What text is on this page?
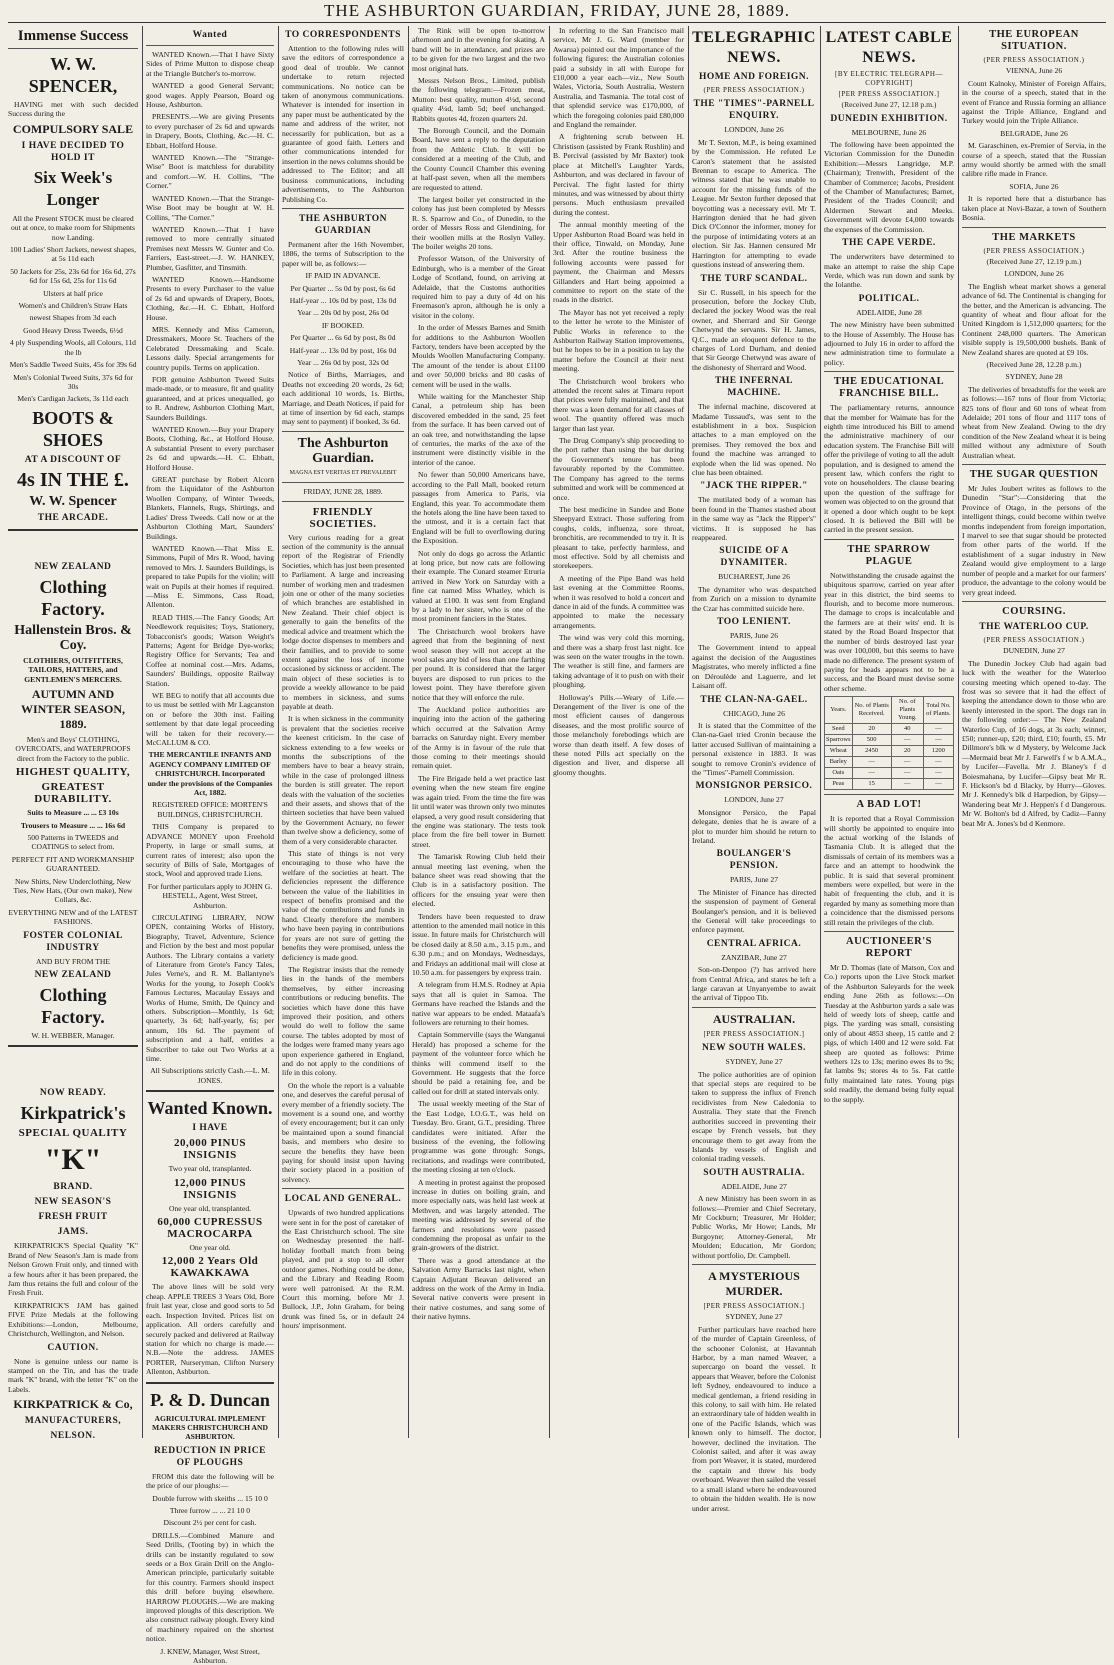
THE ASHBURTON GUARDIAN, FRIDAY, JUNE 28, 1889.
Immense Success
W. W. SPENCER,

HAVING met with such decided Success during the

COMPULSORY SALE
I HAVE DECIDED TO HOLD IT
Six Week's Longer

All the Present STOCK must be cleared out at once, to make room for Shipments now Landing.

100 Ladies' Short Jackets, newest shapes, at 5s 11d each

50 Jackets for 25s, 23s 6d for 16s 6d, 27s 6d for 15s 6d, 25s for 11s 6d

Ulsters at half price

Women's and Children's Straw Hats

newest Shapes from 3d each

Good Heavy Dress Tweeds, 6½d

4 ply Suspending Wools, all Colours, 11d the lb

Men's Saddle Tweed Suits, 45s for 39s 6d

Men's Colonial Tweed Suits, 37s 6d for 30s

Men's Cardigan Jackets, 3s 11d each

BOOTS & SHOES
AT A DISCOUNT OF
4s IN THE £.
W. W. Spencer
THE ARCADE.
NEW ZEALAND
Clothing Factory.
Hallenstein Bros. & Coy.

CLOTHIERS, OUTFITTERS, TAILORS, HATTERS, and GENTLEMEN'S MERCERS.

AUTUMN AND WINTER SEASON, 1889.

Men's and Boys' CLOTHING, OVERCOATS, and WATERPROOFS direct from the Factory to the public.

HIGHEST QUALITY,
GREATEST DURABILITY.

Suits to Measure ... ... £3 10s

Trousers to Measure ... ... 16s 6d

500 Patterns in TWEEDS and COATINGS to select from.

PERFECT FIT AND WORKMANSHIP GUARANTEED.

New Shirts, New Underclothing, New Ties, New Hats, (Our own make), New Collars, &c.

EVERYTHING NEW and of the LATEST FASHIONS.

FOSTER COLONIAL INDUSTRY

AND BUY FROM THE

NEW ZEALAND
Clothing Factory.

W. H. WEBBER, Manager.

NOW READY.
Kirkpatrick's
SPECIAL QUALITY
"K"
BRAND.
NEW SEASON'S
FRESH FRUIT
JAMS.

KIRKPATRICK'S Special Quality "K" Brand of New Season's Jam is made from Nelson Grown Fruit only, and tinned with a few hours after it has been prepared, the Jam thus retains the full and colour of the Fresh Fruit.

KIRKPATRICK'S JAM has gained FIVE Prize Medals at the following Exhibitions:—London, Melbourne, Christchurch, Wellington, and Nelson.

CAUTION.

None is genuine unless our name is stamped on the Tin, and has the trade mark "K" brand, with the letter "K" on the Labels.

KIRKPATRICK & Co,
MANUFACTURERS,
NELSON.
Wanted

WANTED Known.—That I have Sixty Sides of Prime Mutton to dispose cheap at the Triangle Butcher's to-morrow.

WANTED a good General Servant; good wages. Apply Pearson, Board og House, Ashburton.

PRESENTS.—We are giving Presents to every purchaser of 2s 6d and upwards in Drapery, Boots, Clothing, &c.—H. C. Ebbatt, Holford House.

WANTED Known.—The "Strange-Wise" Boot is matchless for durability and comfort.—W. H. Collins, "The Corner."

WANTED Known.—That the Strange-Wise Boot may be bought at W. H. Collins, "The Corner."

WANTED Known.—That I have removed to more centrally situated Premises next Messrs W. Gunter and Co. Farriers, East-street.—J. W. HANKEY, Plumber, Gasfitter, and Tinsmith.

WANTED Known.—Handsome Presents to every Purchaser to the value of 2s 6d and upwards of Drapery, Boots, Clothing, &c.—H. C. Ebbatt, Holford House.

MRS. Kennedy and Miss Cameron, Dressmakers, Moore St. Teachers of the Celebrated Dressmaking and Scale. Lessons daily. Special arrangements for country pupils. Terms on application.

FOR genuine Ashburton Tweed Suits made-made, or to measure, fit and quality guaranteed, and at prices unequalled, go to R. Andrew, Ashburton Clothing Mart, Saunders Buildings.

WANTED Known.—Buy your Drapery Boots, Clothing, &c., at Holford House. A substantial Present to every purchaser 2s 6d and upwards.—H. C. Ebbatt, Holford House.

GREAT purchase by Robert Alcorn from the Liquidator of the Ashburton Woollen Company, of Winter Tweeds, Blankets, Flannels, Rugs, Shirtings, and Ladies' Dress Tweeds. Call now or at the Ashburton Clothing Mart, Saunders' Buildings.

WANTED Known.—That Miss E. Simmons, Pupil of Mrs R. Wood, having removed to Mrs. J. Saunders Buildings, is prepared to take Pupils for the violin; will wait on Pupils at their homes if required.—Miss E. Simmons, Cass Road, Allenton.

READ THIS.—The Fancy Goods; Art Needlework requisites; Toys, Stationery, Tobacconist's goods; Watson Weight's Patterns; Agent for Bridge Dye-works; Registry Office for Servants; Tea and Coffee at nominal cost.—Mrs. Adams, Saunders' Buildings, opposite Railway Station.

WE BEG to notify that all accounts due to us must be settled with Mr Lagcanston on or before the 30th inst. Failing settlement by that date legal proceeding will be taken for their recovery.—McCALLUM & CO.

THE MERCANTILE INFANTS AND AGENCY COMPANY LIMITED OF CHRISTCHURCH. Incorporated under the provisions of the Companies Act, 1882.

REGISTERED OFFICE: MORTEN'S BUILDINGS, CHRISTCHURCH.

THIS Company is prepared to ADVANCE MONEY upon Freehold Property, in large or small sums, at current rates of interest; also upon the security of Bills of Sale, Mortgages of stock, Wool and approved trade Liens.

For further particulars apply to JOHN G. HESTELL, Agent, West Street, Ashburton.

CIRCULATING LIBRARY, NOW OPEN, containing Works of History, Biography, Travel, Adventure, Science and Fiction by the best and most popular Authors. The Library contains a variety of Literature from Grote's Fancy Tales, Jules Verne's, and R. M. Ballantyne's Works for the young, to Joseph Cook's Famous Lectures, Macaulay Essays and Works of Hume, Smith, De Quincy and others. Subscription—Monthly, 1s 6d; quarterly, 3s 6d; half-yearly, 6s; per annum, 10s 6d. The payment of subscription and a half, entitles a Subscriber to take out Two Works at a time.

All Subscriptions strictly Cash.—L. M. JONES.

Wanted Known.
I HAVE
20,000 PINUS INSIGNIS

Two year old, transplanted.

12,000 PINUS INSIGNIS

One year old, transplanted.

60,000 CUPRESSUS MACROCARPA

One year old.

12,000 2 Years Old KAWAKKAWA

The above lines will be sold very cheap. APPLE TREES 3 Years Old, Bore fruit last year, close and good sorts to 5d each. Inspection Invited. Prices list on application. All orders carefully and securely packed and delivered at Railway station for which no charge is made.—N.B.—Note the address. JAMES PORTER, Nurseryman, Clifton Nursery Allenton, Ashburton.

P. & D. Duncan

AGRICULTURAL IMPLEMENT MAKERS CHRISTCHURCH AND ASHBURTON.

REDUCTION IN PRICE OF PLOUGHS

FROM this date the following will be the price of our ploughs:—

Double furrow with skeiths ... 15 10 0

Three furrow ... ... 21 10 0

Discount 2½ per cent for cash.

DRILLS.—Combined Manure and Seed Drills, (Tooting by) in which the drills can be instantly regulated to sow seeds or a Box Grain Drill on the Anglo-American principle, particularly suitable for this country. Farmers should inspect this drill before buying elsewhere. HARROW PLOUGHS.—We are making improved ploughs of this description. We also construct railway plough. Every kind of machinery repaired on the shortest notice.

J. KNEW, Manager, West Street, Ashburton.

TO CORRESPONDENTS

Attention to the following rules will save the editors of correspondence a good deal of trouble. We cannot undertake to return rejected communications. No notice can be taken of anonymous communications. Whatever is intended for insertion in any paper must be authenticated by the name and address of the writer, not necessarily for publication, but as a guarantee of good faith. Letters and other communications intended for insertion in the news columns should be addressed to The Editor; and all business communications, including advertisements, to The Ashburton Publishing Co.

THE ASHBURTON GUARDIAN

Permanent after the 16th November, 1886, the terms of Subscription to the paper will be, as follows:—

IF PAID IN ADVANCE.

Per Quarter ... 5s 0d by post, 6s 6d

Half-year ... 10s 0d by post, 13s 0d

Year ... 20s 0d by post, 26s 0d

IF BOOKED.

Per Quarter ... 6s 6d by post, 8s 0d

Half-year ... 13s 0d by post, 16s 0d

Year ... 26s 0d by post, 32s 0d

Notice of Births, Marriages, and Deaths not exceeding 20 words, 2s 6d; each additional 10 words, 1s. Births, Marriage, and Death Notices, if paid for at time of insertion by 6d each, stamps may sent to payment) if booked, 3s 6d.

The Ashburton Guardian.

MAGNA EST VERITAS ET PREVALEBIT

FRIDAY, JUNE 28, 1889.

FRIENDLY SOCIETIES.

Very curious reading for a great section of the community is the annual report of the Registrar of Friendly Societies, which has just been presented to Parliament. A large and increasing number of working men and tradesmen join one or other of the many societies of which branches are established in New Zealand. Their chief object is generally to gain the benefits of the medical advice and treatment which the lodge doctor dispenses to members and their families, and to provide to some extent against the loss of income occasioned by sickness or accident. The main object of these societies is to provide a weekly allowance to be paid to members in sickness, and sums payable at death.

It is when sickness in the community is prevalent that the societies receive the keenest criticism. In the case of sickness extending to a few weeks or months the subscriptions of the members have to bear a heavy strain, while in the case of prolonged illness the burden is still greater. The report deals with the valuation of the societies and their assets, and shows that of the thirteen societies that have been valued by the Government Actuary, no fewer than twelve show a deficiency, some of them of a very considerable character.

This state of things is not very encouraging to those who have the welfare of the societies at heart. The deficiencies represent the difference between the value of the liabilities in respect of benefits promised and the value of the contributions and funds in hand. Clearly therefore the members who have been paying in contributions for years are not sure of getting the benefits they were promised, unless the deficiency is made good.

The Registrar insists that the remedy lies in the hands of the members themselves, by either increasing contributions or reducing benefits. The societies which have done this have improved their position, and others would do well to follow the same course. The tables adopted by most of the lodges were framed many years ago upon experience gathered in England, and do not apply to the conditions of life in this colony.

On the whole the report is a valuable one, and deserves the careful perusal of every member of a friendly society. The movement is a sound one, and worthy of every encouragement; but it can only be maintained upon a sound financial basis, and members who desire to secure the benefits they have been paying for should insist upon having their society placed in a position of solvency.

LOCAL AND GENERAL.

Upwards of two hundred applications were sent in for the post of caretaker of the East Christchurch school. The site on Wednesday presented the half-holiday football match from being played, and put a stop to all other outdoor games. Nothing could be done, and the Library and Reading Room were well patronised. At the R.M. Court this morning, before Mr J. Bullock, J.P., John Graham, for being drunk was fined 5s, or in default 24 hours' imprisonment.

The Rink will be open to-morrow afternoon and in the evening for skating. A band will be in attendance, and prizes are to be given for the two largest and the two most original hats.

Messrs Nelson Bros., Limited, publish the following telegram:—Frozen meat, Mutton: best quality, mutton 4½d, second quality 4¼d, lamb 5d; beef unchanged. Rabbits quotes 4d, frozen quarters 2d.

The Borough Council, and the Domain Board, have sent a reply to the deputation from the Athletic Club. It will be considered at a meeting of the Club, and the County Council Chamber this evening at half-past seven, when all the members are requested to attend.

The largest boiler yet constructed in the colony has just been completed by Messrs R. S. Sparrow and Co., of Dunedin, to the order of Messrs Ross and Glendining, for their woollen mills at the Roslyn Valley. The boiler weighs 20 tons.

Professor Watson, of the University of Edinburgh, who is a member of the Great Lodge of Scotland, found, on arriving at Adelaide, that the Customs authorities required him to pay a duty of 4d on his Freemason's apron, although he is only a visitor in the colony.

In the order of Messrs Barnes and Smith for additions to the Ashburton Woollen Factory, tenders have been accepted by the Moulds Woollen Manufacturing Company. The amount of the tender is about £1100 and over 50,000 bricks and 80 casks of cement will be used in the walls.

While waiting for the Manchester Ship Canal, a petroleum ship has been discovered embedded in the sand, 25 feet from the surface. It has been carved out of an oak tree, and notwithstanding the lapse of centuries, the marks of the axe of the instrument were distinctly visible in the interior of the canoe.

No fewer than 50,000 Americans have, according to the Pall Mall, booked return passages from America to Paris, via England, this year. To accommodate them the hotels along the line have been taxed to the utmost, and it is a certain fact that England will be full to overflowing during the Exposition.

Not only do dogs go across the Atlantic at long price, but now cats are following their example. The Cunard steamer Etruria arrived in New York on Saturday with a fine cat named Miss Whatley, which is valued at £100. It was sent from England by a lady to her sister, who is one of the most prominent fanciers in the States.

The Christchurch wool brokers have agreed that from the beginning of next wool season they will not accept at the wool sales any bid of less than one farthing per pound. It is considered that the larger buyers are disposed to run prices to the lowest point. They have therefore given notice that they will enforce the rule.

The Auckland police authorities are inquiring into the action of the gathering which occurred at the Salvation Army barracks on Saturday night. Every member of the Army is in favour of the rule that those coming to their meetings should remain quiet.

The Fire Brigade held a wet practice last evening when the new steam fire engine was again tried. From the time the fire was lit until water was thrown only two minutes elapsed, a very good result considering that the engine was stationary. The tests took place from the fire bell tower in Burnett street.

The Tamarisk Rowing Club held their annual meeting last evening, when the balance sheet was read showing that the Club is in a satisfactory position. The officers for the ensuing year were then elected.

Tenders have been requested to draw attention to the amended mail notice in this issue. In future mails for Christchurch will be closed daily at 8.50 a.m., 3.15 p.m., and 6.30 p.m.; and on Mondays, Wednesdays, and Fridays an additional mail will close at 10.50 a.m. for passengers by express train.

A telegram from H.M.S. Rodney at Apia says that all is quiet in Samoa. The Germans have reached the Islands and the native war appears to be ended. Mataafa's followers are returning to their homes.

Captain Sommerville (says the Wanganui Herald) has proposed a scheme for the payment of the volunteer force which he thinks will commend itself to the Government. He suggests that the force should be paid a retaining fee, and be called out for drill at stated intervals only.

The usual weekly meeting of the Star of the East Lodge, I.O.G.T., was held on Tuesday. Bro. Grant, G.T., presiding. Three candidates were initiated. After the business of the evening, the following programme was gone through: Songs, recitations, and readings were contributed, the meeting closing at ten o'clock.

A meeting in protest against the proposed increase in duties on boiling grain, and more especially oats, was held last week at Methven, and was largely attended. The meeting was addressed by several of the farmers and resolutions were passed condemning the proposal as unfair to the grain-growers of the district.

There was a good attendance at the Salvation Army Barracks last night, when Captain Adjutant Beavan delivered an address on the work of the Army in India. Several native converts were present in their native costumes, and sang some of their native hymns.

In referring to the San Francisco mail service, Mr J. G. Ward (member for Awarua) pointed out the importance of the following figures: the Australian colonies paid a subsidy in all with Europe for £10,000 a year each—viz., New South Wales, Victoria, South Australia, Western Australia, and Tasmania. The total cost of that splendid service was £170,000, of which the foregoing colonies paid £80,000 and England the remainder.

A frightening scrub between H. Christison (assisted by Frank Rushlin) and B. Percival (assisted by Mr Baxter) took place at Mitchell's Laughter Yards, Ashburton, and was declared in favour of Percival. The fight lasted for thirty minutes, and was witnessed by about thirty persons. Much enthusiasm prevailed during the contest.

The annual monthly meeting of the Upper Ashburton Road Board was held in their office, Tinwald, on Monday, June 3rd. After the routine business the following accounts were passed for payment, the Chairman and Messrs Gillanders and Hart being appointed a committee to report on the state of the roads in the district.

The Mayor has not yet received a reply to the letter he wrote to the Minister of Public Works in reference to the Ashburton Railway Station improvements, but he hopes to be in a position to lay the matter before the Council at their next meeting.

The Christchurch wool brokers who attended the recent sales at Timaru report that prices were fully maintained, and that there was a keen demand for all classes of wool. The quantity offered was much larger than last year.

The Drug Company's ship proceeding to the port rather than using the bar during the Government's tenure has been favourably reported by the Committee. The Company has agreed to the terms submitted and work will be commenced at once.

The best medicine in Sandee and Bone Sheepyard Extract. Those suffering from coughs, colds, influenza, sore throat, bronchitis, are recommended to try it. It is pleasant to take, perfectly harmless, and most effective. Sold by all chemists and storekeepers.

A meeting of the Pipe Band was held last evening at the Committee Rooms, when it was resolved to hold a concert and dance in aid of the funds. A committee was appointed to make the necessary arrangements.

The wind was very cold this morning, and there was a sharp frost last night. Ice was seen on the water troughs in the town. The weather is still fine, and farmers are taking advantage of it to push on with their ploughing.

Holloway's Pills.—Weary of Life.—Derangement of the liver is one of the most efficient causes of dangerous diseases, and the most prolific source of those melancholy forebodings which are worse than death itself. A few doses of these noted Pills act specially on the digestion and liver, and disperse all gloomy thoughts.

TELEGRAPHIC NEWS.
HOME AND FOREIGN.
(PER PRESS ASSOCIATION.)
THE "TIMES"-PARNELL ENQUIRY.

LONDON, June 26

Mr T. Sexton, M.P., is being examined by the Commission. He refuted Le Caron's statement that he assisted Brennan to escape to America. The witness stated that he was unable to account for the missing funds of the League. Mr Sexton further deposed that boycotting was a necessary evil. Mr T. Harrington denied that he had given Dick O'Connor the informer, money for the purpose of intimidating voters at an election. Sir Jas. Hannen censured Mr Harrington for attempting to evade questions instead of answering them.

THE TURF SCANDAL.

Sir C. Russell, in his speech for the prosecution, before the Jockey Club, declared the jockey Wood was the real owner, and Sherrard and Sir George Chetwynd the servants. Sir H. James, Q.C., made an eloquent defence to the charges of Lord Durham, and denied that Sir George Chetwynd was aware of the dishonesty of Sherrard and Wood.

THE INFERNAL MACHINE.

The infernal machine, discovered at Madame Tussaud's, was sent to the establishment in a box. Suspicion attaches to a man employed on the premises. They removed the box and found the machine was arranged to explode when the lid was opened. No clue has been obtained.

"JACK THE RIPPER."

The mutilated body of a woman has been found in the Thames stashed about in the same way as "Jack the Ripper's" victims. It is supposed he has reappeared.

SUICIDE OF A DYNAMITER.

BUCHAREST, June 26

The dynamiter who was despatched from Zurich on a mission to dynamite the Czar has committed suicide here.

TOO LENIENT.

PARIS, June 26

The Government intend to appeal against the decision of the Augustines Magistrates, who merely inflicted a fine on Déroulède and Laguerre, and let Laisant off.

THE CLAN-NA-GAEL.

CHICAGO, June 26

It is stated that the Committee of the Clan-na-Gael tried Cronin because the latter accused Sullivan of maintaining a personal existence in 1883. It was sought to remove Cronin's evidence of the "Times"-Parnell Commission.

MONSIGNOR PERSICO.

LONDON, June 27

Monsignor Persico, the Papal delegate, denies that he is aware of a plot to murder him should he return to Ireland.

BOULANGER'S PENSION.

PARIS, June 27

The Minister of Finance has directed the suspension of payment of General Boulanger's pension, and it is believed the General will take proceedings to enforce payment.

CENTRAL AFRICA.

ZANZIBAR, June 27

Son-on-Denpoo (?) has arrived here from Central Africa, and states he left a large caravan at Unyanyembe to await the arrival of Tippoo Tib.

AUSTRALIAN.
[PER PRESS ASSOCIATION.]
NEW SOUTH WALES.

SYDNEY, June 27

The police authorities are of opinion that special steps are required to be taken to suppress the influx of French recidivistes from New Caledonia to Australia. They state that the French authorities succeed in preventing their escape by French vessels, but they encourage them to get away from the Islands by vessels of English and colonial trading vessels.

SOUTH AUSTRALIA.

ADELAIDE, June 27

A new Ministry has been sworn in as follows:—Premier and Chief Secretary, Mr Cockburn; Treasurer, Mr Holder; Public Works, Mr Howe; Lands, Mr Burgoyne; Attorney-General, Mr Moulden; Education, Mr Gordon; without portfolio, Dr. Campbell.

A MYSTERIOUS MURDER.
[PER PRESS ASSOCIATION.]

SYDNEY, June 27

Further particulars have reached here of the murder of Captain Greenless, of the schooner Colonist, at Havannah Harbor, by a man named Weaver, a supercargo on board the vessel. It appears that Weaver, before the Colonist left Sydney, endeavoured to induce a medical gentleman, a friend residing in this colony, to sail with him. He related an extraordinary tale of hidden wealth in one of the Pacific Islands, which was known only to himself. The doctor, however, declined the invitation. The Colonist sailed, and after it was away from port Weaver, it is stated, murdered the captain and threw his body overboard. Weaver then sailed the vessel to a small island where he endeavoured to obtain the hidden wealth. He is now under arrest.

LATEST CABLE NEWS.
[BY ELECTRIC TELEGRAPH—COPYRIGHT]
[PER PRESS ASSOCIATION.]

(Received June 27, 12.18 p.m.)

DUNEDIN EXHIBITION.

MELBOURNE, June 26

The following have been appointed the Victorian Commission for the Dunedin Exhibition:—Messrs Langridge, M.P. (Chairman); Trenwith, President of the Chamber of Commerce; Jacobs, President of the Chamber of Manufactures; Barnet, President of the Trades Council; and Aldermen Stewart and Meeks. Government will devote £4,000 towards the expenses of the Commission.

THE CAPE VERDE.

The underwriters have determined to make an attempt to raise the ship Cape Verde, which was run down and sunk by the Iolanthe.

POLITICAL.

ADELAIDE, June 28

The new Ministry have been submitted to the House of Assembly. The House has adjourned to July 16 in order to afford the new administration time to formulate a policy.

THE EDUCATIONAL FRANCHISE BILL.

The parliamentary returns, announce that the member for Waimate has for the eighth time introduced his Bill to amend the administrative machinery of our education system. The Franchise Bill will offer the privilege of voting to all the adult population, and is designed to amend the present law, which confers the right to vote on householders. The clause bearing upon the question of the suffrage for women was objected to on the ground that it opened a door which ought to be kept closed. It is believed the Bill will be carried in the present session.

THE SPARROW PLAGUE

Notwithstanding the crusade against the ubiquitous sparrow, carried on year after year in this district, the bird seems to flourish, and to become more numerous. The damage to crops is incalculable and the farmers are at their wits' end. It is stated by the Road Board Inspector that the number of birds destroyed last year was over 100,000, but this seems to have made no difference. The present system of paying for heads appears not to be a success, and the Board must devise some other scheme.

Years.	No. of Plants Received.	No. of Plants Young.	Total No. of Plants.
Seed	20	40	—
Sparrows	500	—	—
Wheat	2450	20	1200
Barley	—	—	—
Oats	—	—	—
Peas	15	—	—
A BAD LOT!

It is reported that a Royal Commission will shortly be appointed to enquire into the actual working of the Islands of Tasmania Club. It is alleged that the dismissals of certain of its members was a farce and an attempt to hoodwink the public. It is said that several prominent members were expelled, but were in the habit of frequenting the club, and it is regarded by many as something more than a coincidence that the dismissed persons still retain the privileges of the club.

AUCTIONEER'S REPORT

Mr D. Thomas (late of Matson, Cox and Co.) reports upon the Live Stock market of the Ashburton Saleyards for the week ending June 26th as follows:—On Tuesday at the Ashburton yards a sale was held of weedy lots of sheep, cattle and pigs. The yarding was small, consisting only of about 4853 sheep, 15 cattle and 2 pigs, of which 1400 and 12 were sold. Fat sheep are quoted as follows: Prime wethers 12s to 13s; merino ewes 8s to 9s; fat lambs 9s; stores 4s to 5s. Fat cattle fully maintained late rates. Young pigs sold readily, the demand being fully equal to the supply.

THE EUROPEAN SITUATION.
(PER PRESS ASSOCIATION.)

VIENNA, June 26

Count Kalnoky, Minister of Foreign Affairs, in the course of a speech, stated that in the event of France and Russia forming an alliance against the Triple Alliance, England and Turkey would join the Triple Alliance.

BELGRADE, June 26

M. Garaschinen, ex-Premier of Servia, in the course of a speech, stated that the Russian army would shortly be armed with the small calibre rifle made in France.

SOFIA, June 26

It is reported here that a disturbance has taken place at Novi-Bazar, a town of Southern Bosnia.

THE MARKETS
(PER PRESS ASSOCIATION.)

(Received June 27, 12.19 p.m.)

LONDON, June 26

The English wheat market shows a general advance of 6d. The Continental is changing for the better, and the American is advancing. The quantity of wheat and flour afloat for the United Kingdom is 1,512,000 quarters; for the Continent 248,000 quarters. The American visible supply is 19,500,000 bushels. Bank of New Zealand shares are quoted at £9 10s.

(Received June 28, 12.28 p.m.)

SYDNEY, June 28

The deliveries of breadstuffs for the week are as follows:—167 tons of flour from Victoria; 825 tons of flour and 60 tons of wheat from Adelaide; 201 tons of flour and 1117 tons of wheat from New Zealand. Owing to the dry condition of the New Zealand wheat it is being milled without any admixture of South Australian wheat.

THE SUGAR QUESTION

Mr Jules Joubert writes as follows to the Dunedin "Star":—Considering that the Province of Otago, in the persons of the intelligent things, could become within twelve months independent from foreign importation, I marvel to see that sugar should be protected from other parts of the world. If the establishment of a sugar industry in New Zealand would give employment to a large number of people and a market for our farmers' produce, the advantage to the colony would be very great indeed.

COURSING.
THE WATERLOO CUP.
(PER PRESS ASSOCIATION.)

DUNEDIN, June 27

The Dunedin Jockey Club had again bad luck with the weather for the Waterloo coursing meeting which opened to-day. The frost was so severe that it had the effect of keeping the attendance down to those who are keenly interested in the sport. The dogs ran in the following order:— The New Zealand Waterloo Cup, of 16 dogs, at 3s each; winner, £50; runner-up, £20; third, £10; fourth, £5. Mr Dillmore's blk w d Mystery, by Welcome Jack—Mermaid beat Mr J. Farwell's f w b A.M.A., by Lucifer—Favella. Mr J. Blaney's f d Boiesmahana, by Lucifer—Gipsy beat Mr R. F. Hickson's bd d Blacky, by Hurry—Gloves. Mr J. Kennedy's blk d Harpedion, by Gipsy—Wandering beat Mr J. Heppen's f d Dangerous. Mr W. Bolton's bd d Alfred, by Cadiz—Fanny beat Mr A. Jones's bd d Kenmore.
